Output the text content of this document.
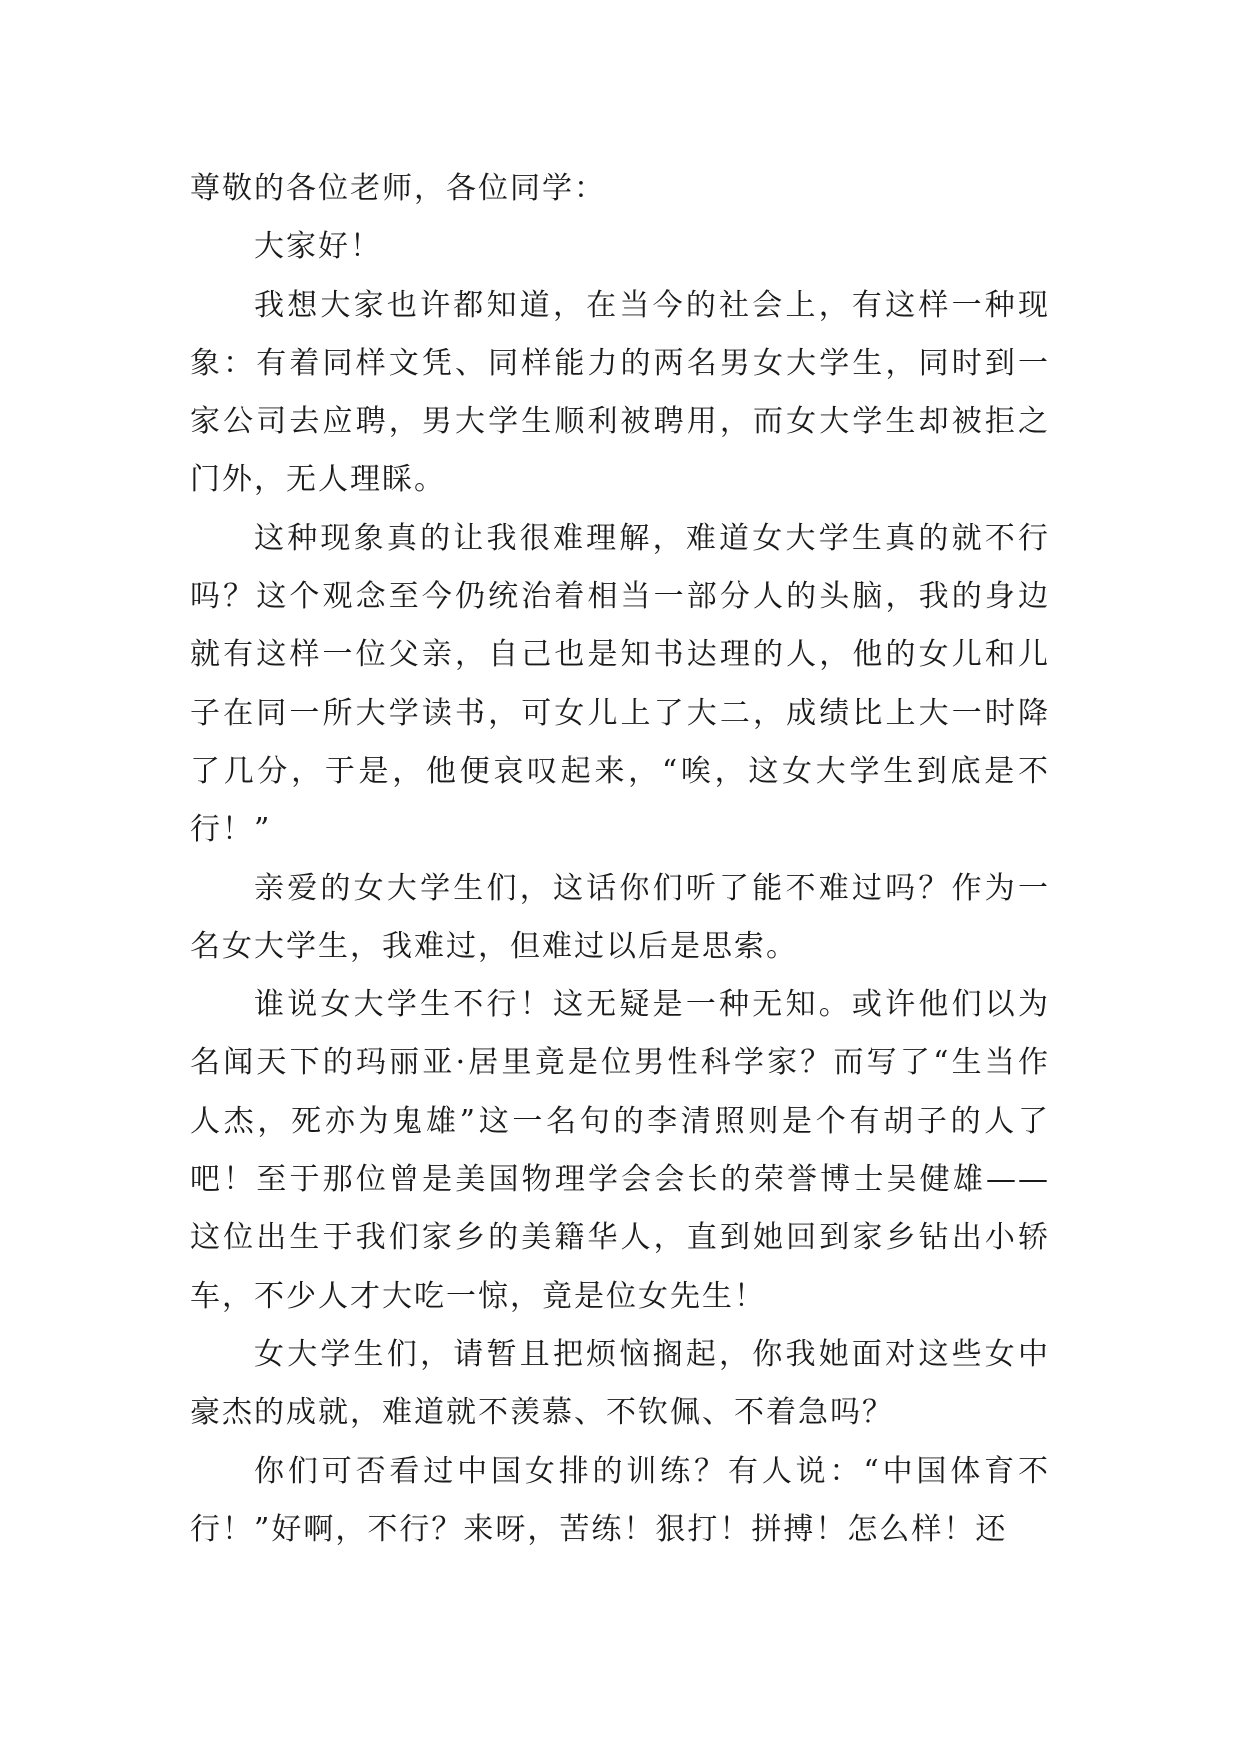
尊敬的各位老师，各位同学：

大家好！

我想大家也许都知道，在当今的社会上，有这样一种现象：有着同样文凭、同样能力的两名男女大学生，同时到一家公司去应聘，男大学生顺利被聘用，而女大学生却被拒之门外，无人理睬。

这种现象真的让我很难理解，难道女大学生真的就不行吗？这个观念至今仍统治着相当一部分人的头脑，我的身边就有这样一位父亲，自己也是知书达理的人，他的女儿和儿子在同一所大学读书，可女儿上了大二，成绩比上大一时降了几分，于是，他便哀叹起来，“唉，这女大学生到底是不行！”

亲爱的女大学生们，这话你们听了能不难过吗？作为一名女大学生，我难过，但难过以后是思索。

谁说女大学生不行！这无疑是一种无知。或许他们以为名闻天下的玛丽亚·居里竟是位男性科学家？而写了“生当作人杰，死亦为鬼雄”这一名句的李清照则是个有胡子的人了吧！至于那位曾是美国物理学会会长的荣誉博士吴健雄——这位出生于我们家乡的美籍华人，直到她回到家乡钻出小轿车，不少人才大吃一惊，竟是位女先生！

女大学生们，请暂且把烦恼搁起，你我她面对这些女中豪杰的成就，难道就不羡慕、不钦佩、不着急吗？

你们可否看过中国女排的训练？有人说：“中国体育不行！”好啊，不行？来呀，苦练！狠打！拼搏！怎么样！还
